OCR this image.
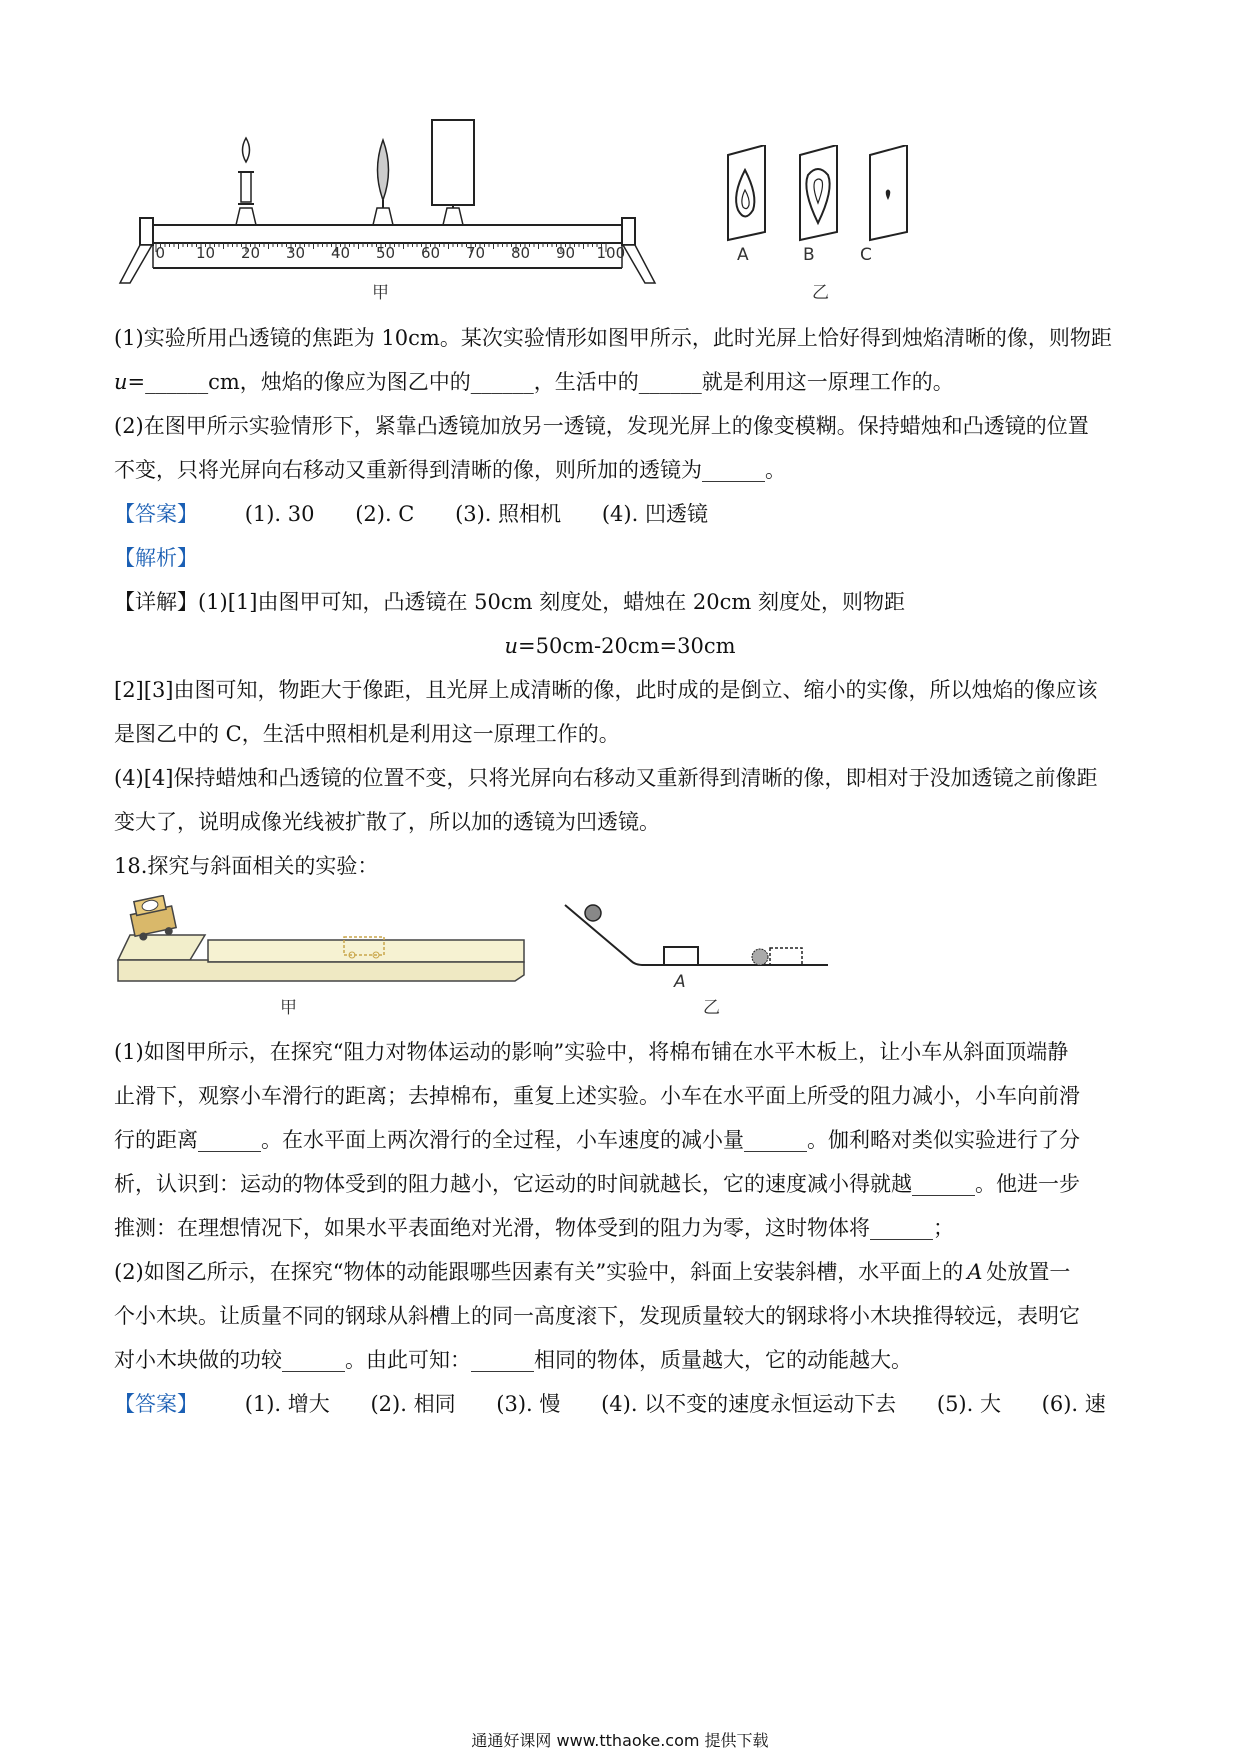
0 10 20 30 40 50 60 70 80 90 100
甲
A	B	C
乙
(1)实验所用凸透镜的焦距为 10cm。某次实验情形如图甲所示，此时光屏上恰好得到烛焰清晰的像，则物距
u=______cm，烛焰的像应为图乙中的______，生活中的______就是利用这一原理工作的。
(2)在图甲所示实验情形下，紧靠凸透镜加放另一透镜，发现光屏上的像变模糊。保持蜡烛和凸透镜的位置
不变，只将光屏向右移动又重新得到清晰的像，则所加的透镜为______。
【答案】 (1). 30 (2). C (3). 照相机 (4). 凹透镜
【解析】
【详解】(1)[1]由图甲可知，凸透镜在 50cm 刻度处，蜡烛在 20cm 刻度处，则物距
u=50cm-20cm=30cm
[2][3]由图可知，物距大于像距，且光屏上成清晰的像，此时成的是倒立、缩小的实像，所以烛焰的像应该
是图乙中的 C，生活中照相机是利用这一原理工作的。
(4)[4]保持蜡烛和凸透镜的位置不变，只将光屏向右移动又重新得到清晰的像，即相对于没加透镜之前像距
变大了，说明成像光线被扩散了，所以加的透镜为凹透镜。
18.探究与斜面相关的实验：
甲
A
乙
(1)如图甲所示，在探究“阻力对物体运动的影响”实验中，将棉布铺在水平木板上，让小车从斜面顶端静
止滑下，观察小车滑行的距离；去掉棉布，重复上述实验。小车在水平面上所受的阻力减小，小车向前滑
行的距离______。在水平面上两次滑行的全过程，小车速度的减小量______。伽利略对类似实验进行了分
析，认识到：运动的物体受到的阻力越小，它运动的时间就越长，它的速度减小得就越______。他进一步
推测：在理想情况下，如果水平表面绝对光滑，物体受到的阻力为零，这时物体将______；
(2)如图乙所示，在探究“物体的动能跟哪些因素有关”实验中，斜面上安装斜槽，水平面上的 A 处放置一
个小木块。让质量不同的钢球从斜槽上的同一高度滚下，发现质量较大的钢球将小木块推得较远，表明它
对小木块做的功较______。由此可知：______相同的物体，质量越大，它的动能越大。
【答案】 (1). 增大 (2). 相同 (3). 慢 (4). 以不变的速度永恒运动下去 (5). 大 (6). 速
通通好课网 www.tthaoke.com 提供下载
